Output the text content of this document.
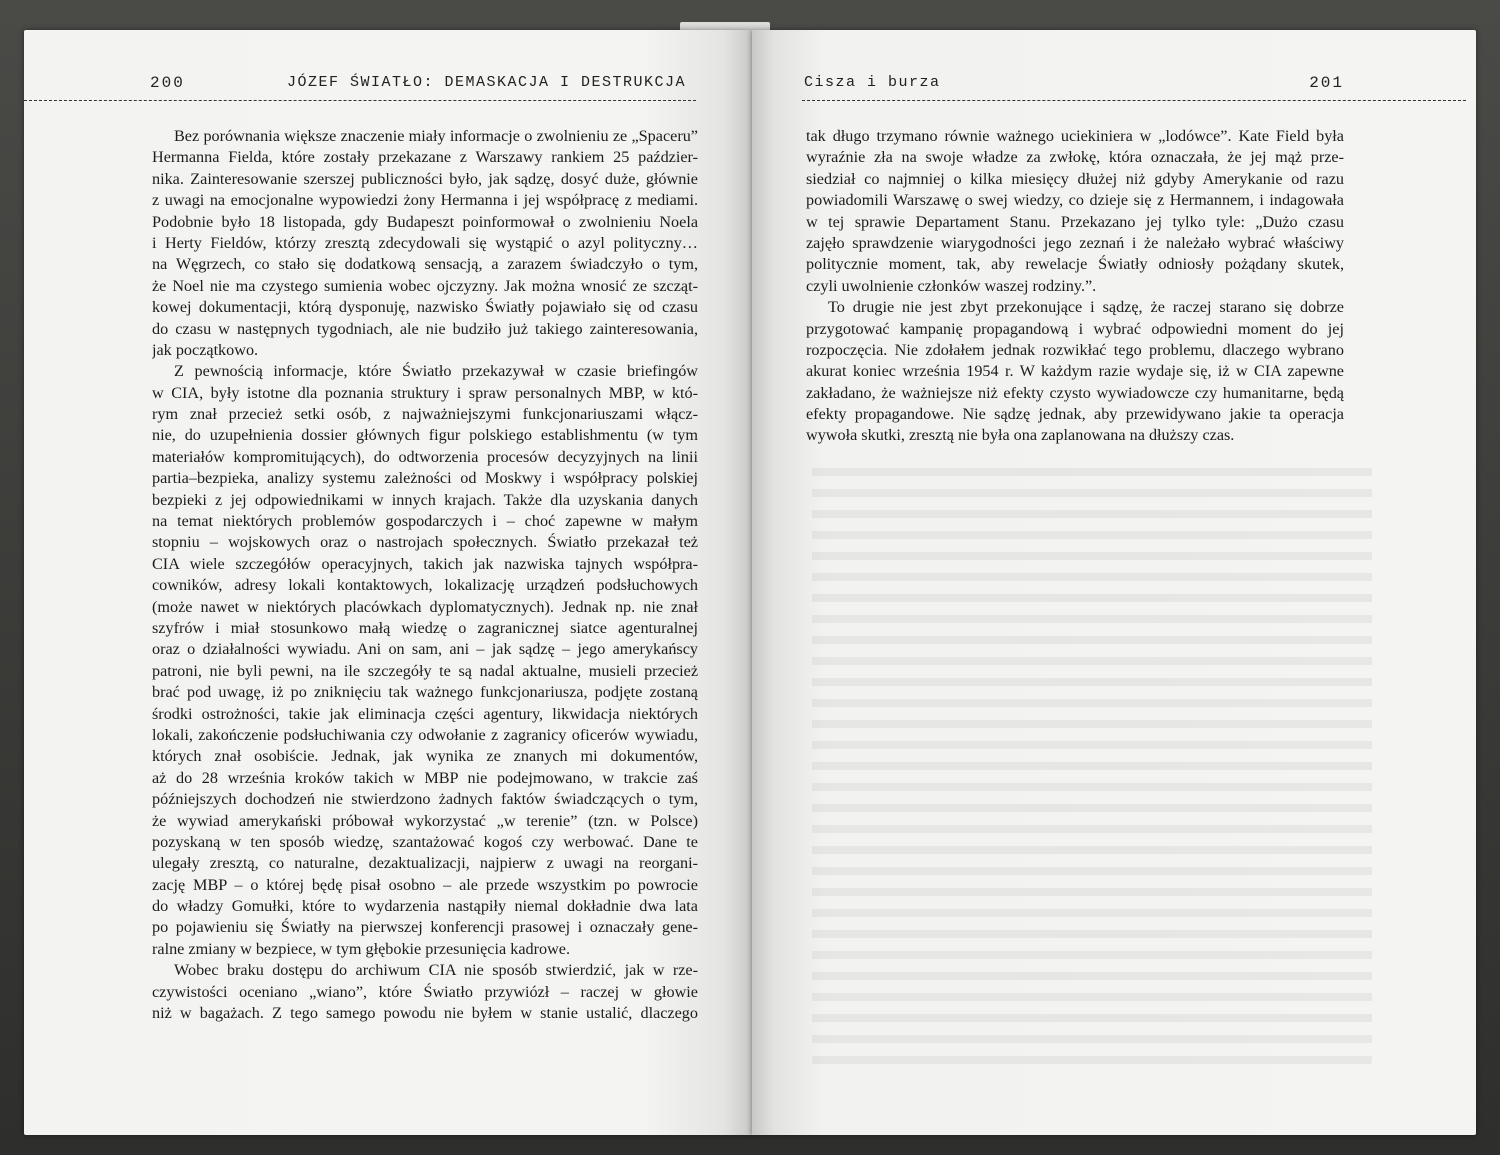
200	JÓZEF ŚWIATŁO: DEMASKACJA I DESTRUKCJA
Bez porównania większe znaczenie miały informacje o zwolnieniu ze „Spaceru”
Hermanna Fielda, które zostały przekazane z Warszawy rankiem 25 paździer-
nika. Zainteresowanie szerszej publiczności było, jak sądzę, dosyć duże, głównie
z uwagi na emocjonalne wypowiedzi żony Hermanna i jej współpracę z mediami.
Podobnie było 18 listopada, gdy Budapeszt poinformował o zwolnieniu Noela
i Herty Fieldów, którzy zresztą zdecydowali się wystąpić o azyl polityczny…
na Węgrzech, co stało się dodatkową sensacją, a zarazem świadczyło o tym,
że Noel nie ma czystego sumienia wobec ojczyzny. Jak można wnosić ze szcząt-
kowej dokumentacji, którą dysponuję, nazwisko Światły pojawiało się od czasu
do czasu w następnych tygodniach, ale nie budziło już takiego zainteresowania,
jak początkowo.
Z pewnością informacje, które Światło przekazywał w czasie briefingów
w CIA, były istotne dla poznania struktury i spraw personalnych MBP, w któ-
rym znał przecież setki osób, z najważniejszymi funkcjonariuszami włącz-
nie, do uzupełnienia dossier głównych figur polskiego establishmentu (w tym
materiałów kompromitujących), do odtworzenia procesów decyzyjnych na linii
partia–bezpieka, analizy systemu zależności od Moskwy i współpracy polskiej
bezpieki z jej odpowiednikami w innych krajach. Także dla uzyskania danych
na temat niektórych problemów gospodarczych i – choć zapewne w małym
stopniu – wojskowych oraz o nastrojach społecznych. Światło przekazał też
CIA wiele szczegółów operacyjnych, takich jak nazwiska tajnych współpra-
cowników, adresy lokali kontaktowych, lokalizację urządzeń podsłuchowych
(może nawet w niektórych placówkach dyplomatycznych). Jednak np. nie znał
szyfrów i miał stosunkowo małą wiedzę o zagranicznej siatce agenturalnej
oraz o działalności wywiadu. Ani on sam, ani – jak sądzę – jego amerykańscy
patroni, nie byli pewni, na ile szczegóły te są nadal aktualne, musieli przecież
brać pod uwagę, iż po zniknięciu tak ważnego funkcjonariusza, podjęte zostaną
środki ostrożności, takie jak eliminacja części agentury, likwidacja niektórych
lokali, zakończenie podsłuchiwania czy odwołanie z zagranicy oficerów wywiadu,
których znał osobiście. Jednak, jak wynika ze znanych mi dokumentów,
aż do 28 września kroków takich w MBP nie podejmowano, w trakcie zaś
późniejszych dochodzeń nie stwierdzono żadnych faktów świadczących o tym,
że wywiad amerykański próbował wykorzystać „w terenie” (tzn. w Polsce)
pozyskaną w ten sposób wiedzę, szantażować kogoś czy werbować. Dane te
ulegały zresztą, co naturalne, dezaktualizacji, najpierw z uwagi na reorgani-
zację MBP – o której będę pisał osobno – ale przede wszystkim po powrocie
do władzy Gomułki, które to wydarzenia nastąpiły niemal dokładnie dwa lata
po pojawieniu się Światły na pierwszej konferencji prasowej i oznaczały gene-
ralne zmiany w bezpiece, w tym głębokie przesunięcia kadrowe.
Wobec braku dostępu do archiwum CIA nie sposób stwierdzić, jak w rze-
czywistości oceniano „wiano”, które Światło przywiózł – raczej w głowie
niż w bagażach. Z tego samego powodu nie byłem w stanie ustalić, dlaczego
Cisza i burza	201
tak długo trzymano równie ważnego uciekiniera w „lodówce”. Kate Field była
wyraźnie zła na swoje władze za zwłokę, która oznaczała, że jej mąż prze-
siedział co najmniej o kilka miesięcy dłużej niż gdyby Amerykanie od razu
powiadomili Warszawę o swej wiedzy, co dzieje się z Hermannem, i indagowała
w tej sprawie Departament Stanu. Przekazano jej tylko tyle: „Dużo czasu
zajęło sprawdzenie wiarygodności jego zeznań i że należało wybrać właściwy
politycznie moment, tak, aby rewelacje Światły odniosły pożądany skutek,
czyli uwolnienie członków waszej rodziny.”.
To drugie nie jest zbyt przekonujące i sądzę, że raczej starano się dobrze
przygotować kampanię propagandową i wybrać odpowiedni moment do jej
rozpoczęcia. Nie zdołałem jednak rozwikłać tego problemu, dlaczego wybrano
akurat koniec września 1954 r. W każdym razie wydaje się, iż w CIA zapewne
zakładano, że ważniejsze niż efekty czysto wywiadowcze czy humanitarne, będą
efekty propagandowe. Nie sądzę jednak, aby przewidywano jakie ta operacja
wywoła skutki, zresztą nie była ona zaplanowana na dłuższy czas.
